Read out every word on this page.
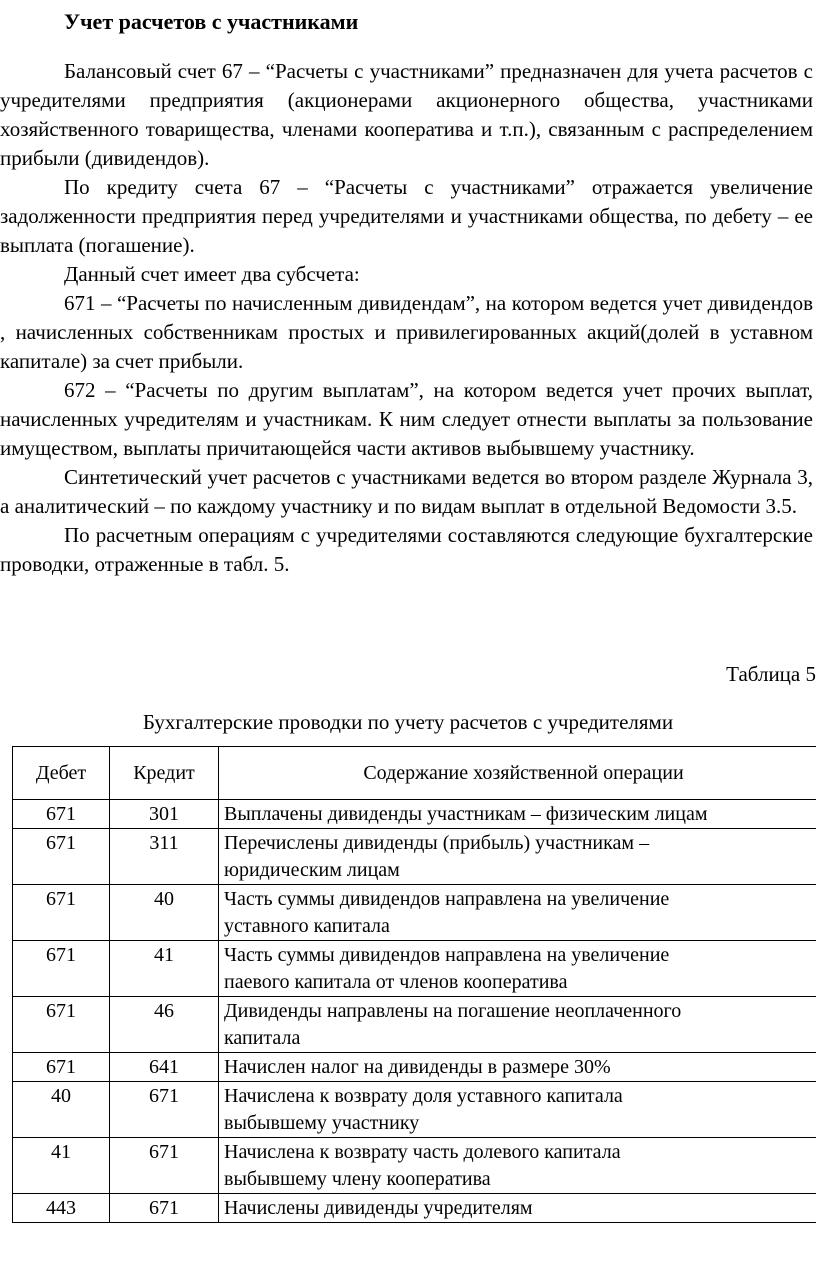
Учет расчетов с участниками

Балансовый счет 67 – “Расчеты с участниками” предназначен для учета расчетов с учредителями предприятия (акционерами акционерного общества, участниками хозяйственного товарищества, членами кооператива и т.п.), связанным с распределением прибыли (дивидендов).

По кредиту счета 67 – “Расчеты с участниками” отражается увеличение задолженности предприятия перед учредителями и участниками общества, по дебету – ее выплата (погашение).

Данный счет имеет два субсчета:

671 – “Расчеты по начисленным дивидендам”, на котором ведется учет дивидендов , начисленных собственникам простых и привилегированных акций(долей в уставном капитале) за счет прибыли.

672 – “Расчеты по другим выплатам”, на котором ведется учет прочих выплат, начисленных учредителям и участникам. К ним следует отнести выплаты за пользование имуществом, выплаты причитающейся части активов выбывшему участнику.

Синтетический учет расчетов с участниками ведется во втором разделе Журнала 3, а аналитический – по каждому участнику и по видам выплат в отдельной Ведомости 3.5.

По расчетным операциям с учредителями составляются следующие бухгалтерские проводки, отраженные в табл. 5.

Таблица 5
Бухгалтерские проводки по учету расчетов с учредителями
Дебет	Кредит	Содержание хозяйственной операции
671	301	Выплачены дивиденды участникам – физическим лицам

671	311	Перечислены дивиденды (прибыль) участникам –
юридическим лицам

671	40	Часть суммы дивидендов направлена на увеличение
уставного капитала

671	41	Часть суммы дивидендов направлена на увеличение
паевого капитала от членов кооператива

671	46	Дивиденды направлены на погашение неоплаченного
капитала

671	641	Начислен налог на дивиденды в размере 30%

40	671	Начислена к возврату доля уставного капитала
выбывшему участнику

41	671	Начислена к возврату часть долевого капитала
выбывшему члену кооператива

443	671	Начислены дивиденды учредителям
